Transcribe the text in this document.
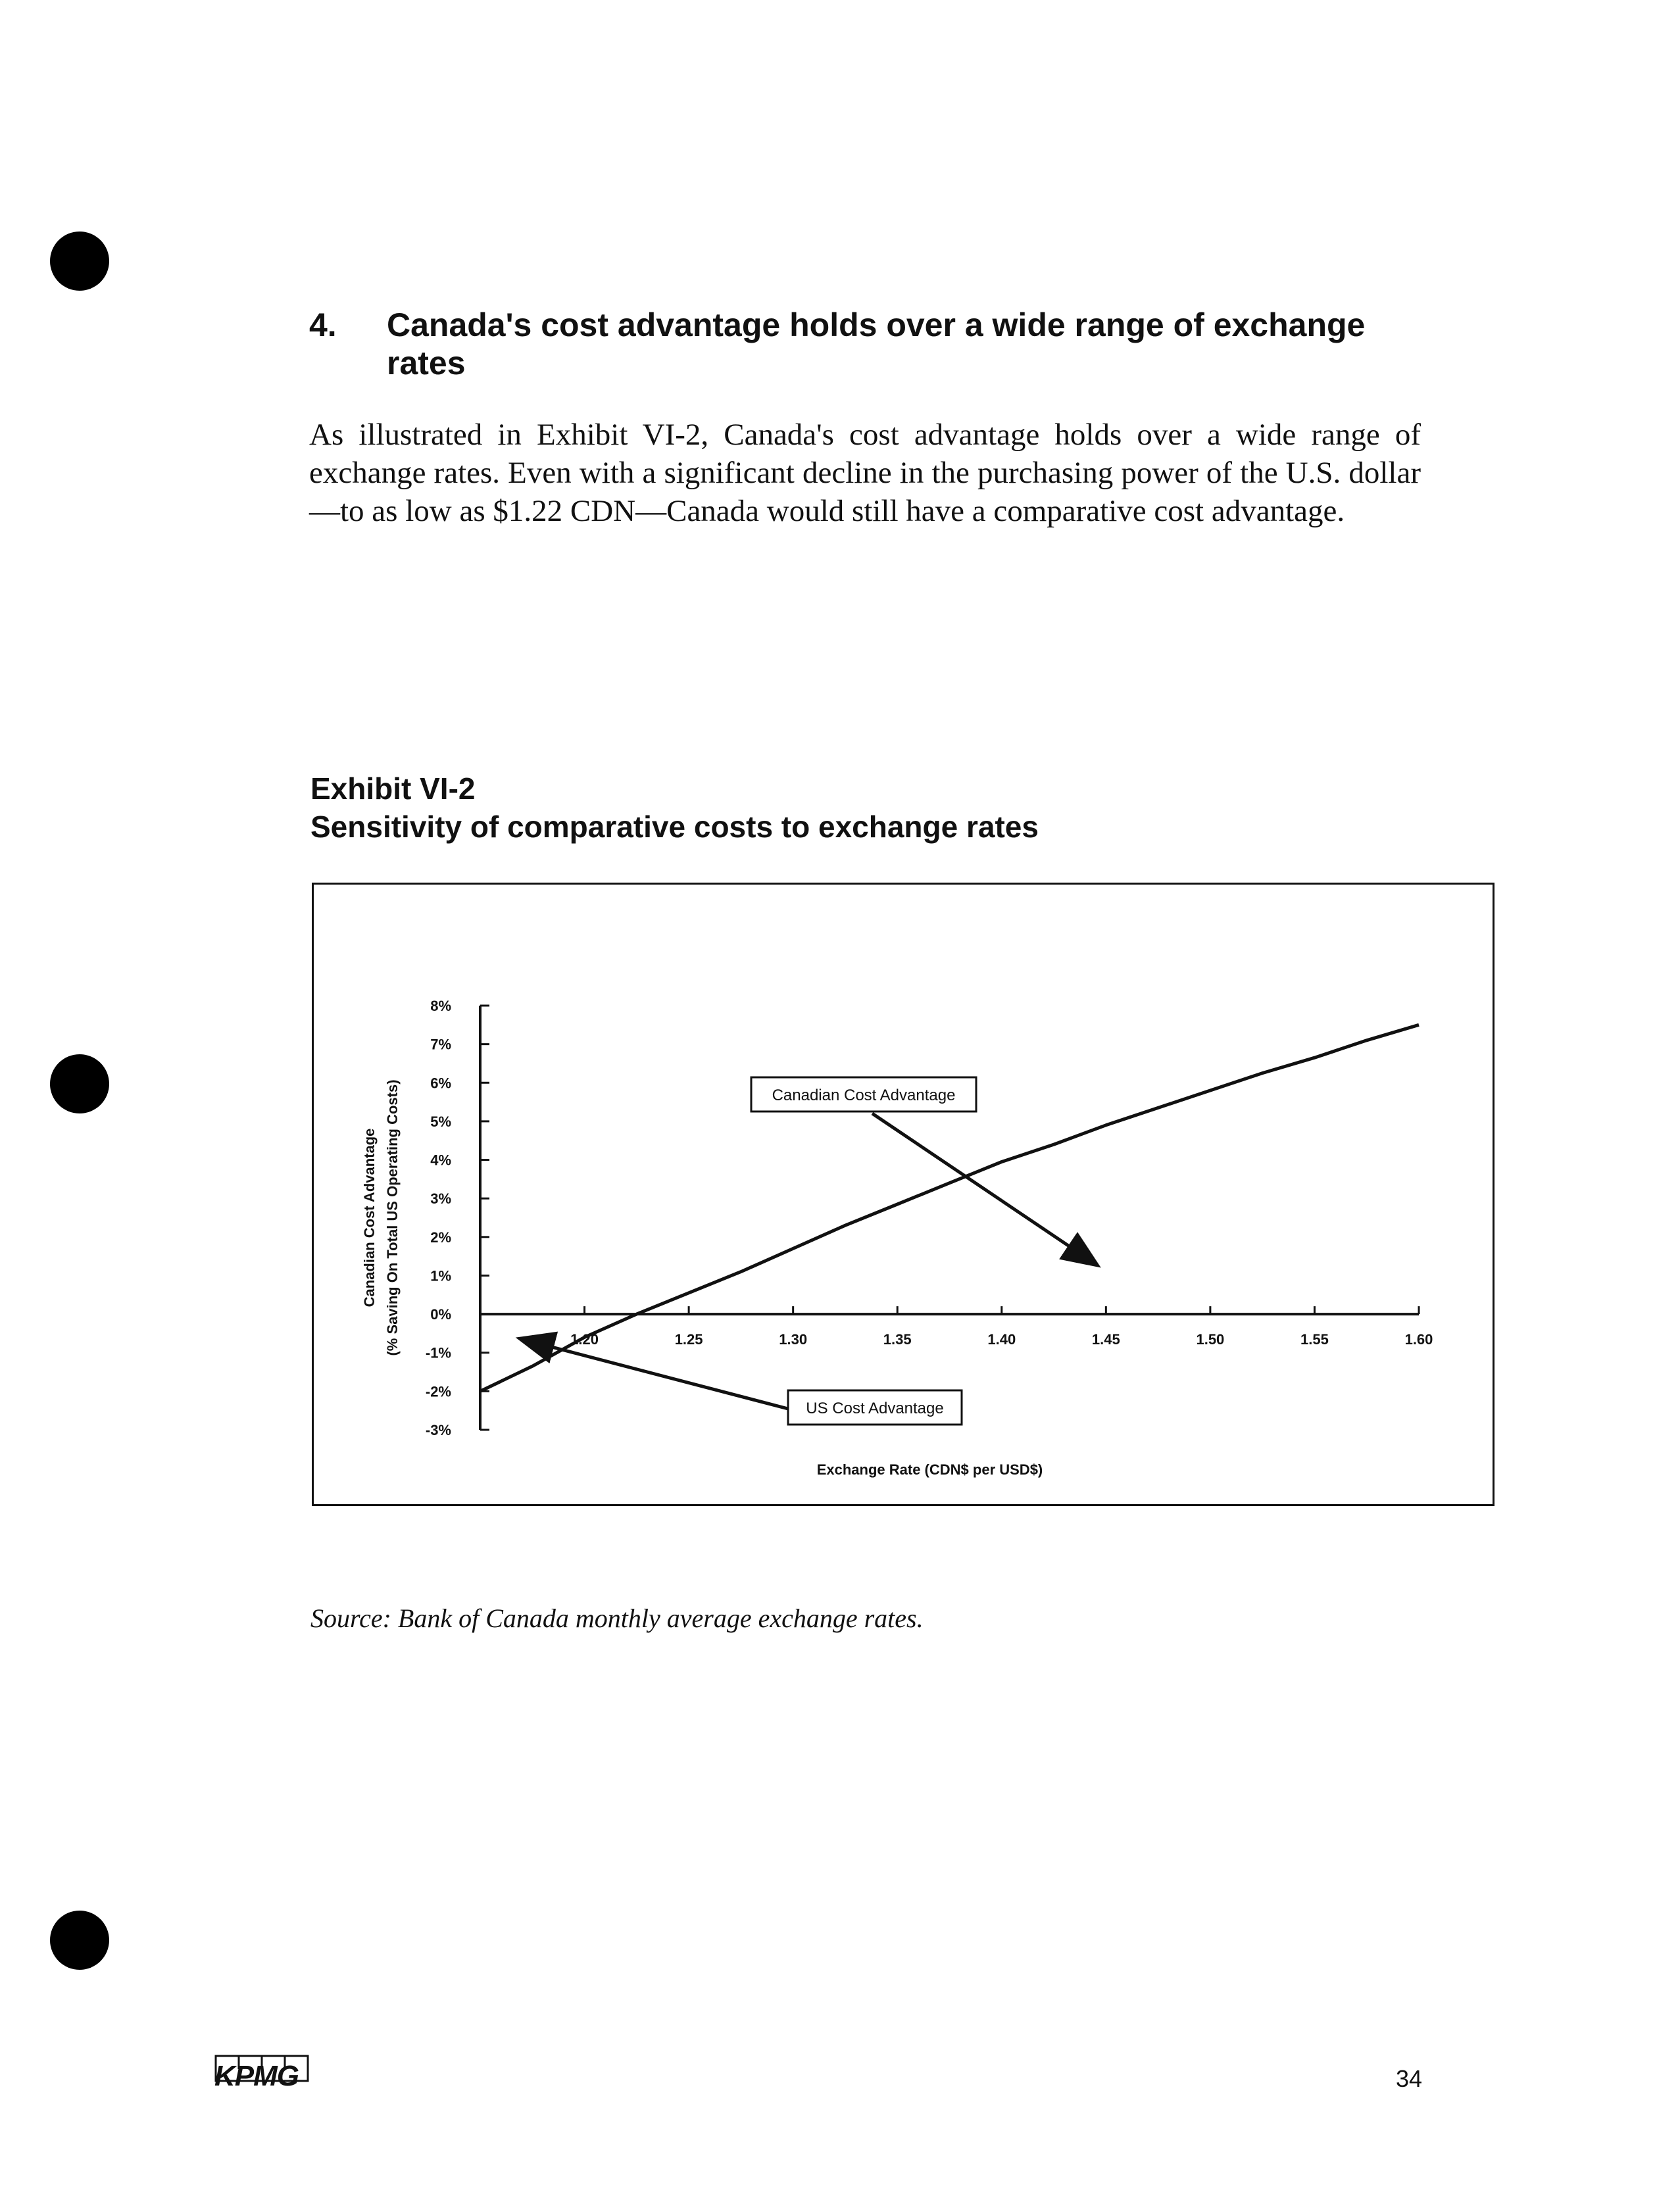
4. Canada's cost advantage holds over a wide range of exchange rates
As illustrated in Exhibit VI-2, Canada's cost advantage holds over a wide range of exchange rates. Even with a significant decline in the purchasing power of the U.S. dollar—to as low as $1.22 CDN—Canada would still have a comparative cost advantage.
Exhibit VI-2
Sensitivity of comparative costs to exchange rates
8%
7%
6%
5%
4%
3%
2%
1%
0%
-1%
-2%
-3%
1.20	1.25	1.30	1.35	1.40	1.45	1.50	1.55	1.60
Canadian Cost Advantage
US Cost Advantage
Canadian Cost Advantage (% Saving On Total US Operating Costs)
Exchange Rate (CDN$ per USD$)
Source: Bank of Canada monthly average exchange rates.
KPMG	34
